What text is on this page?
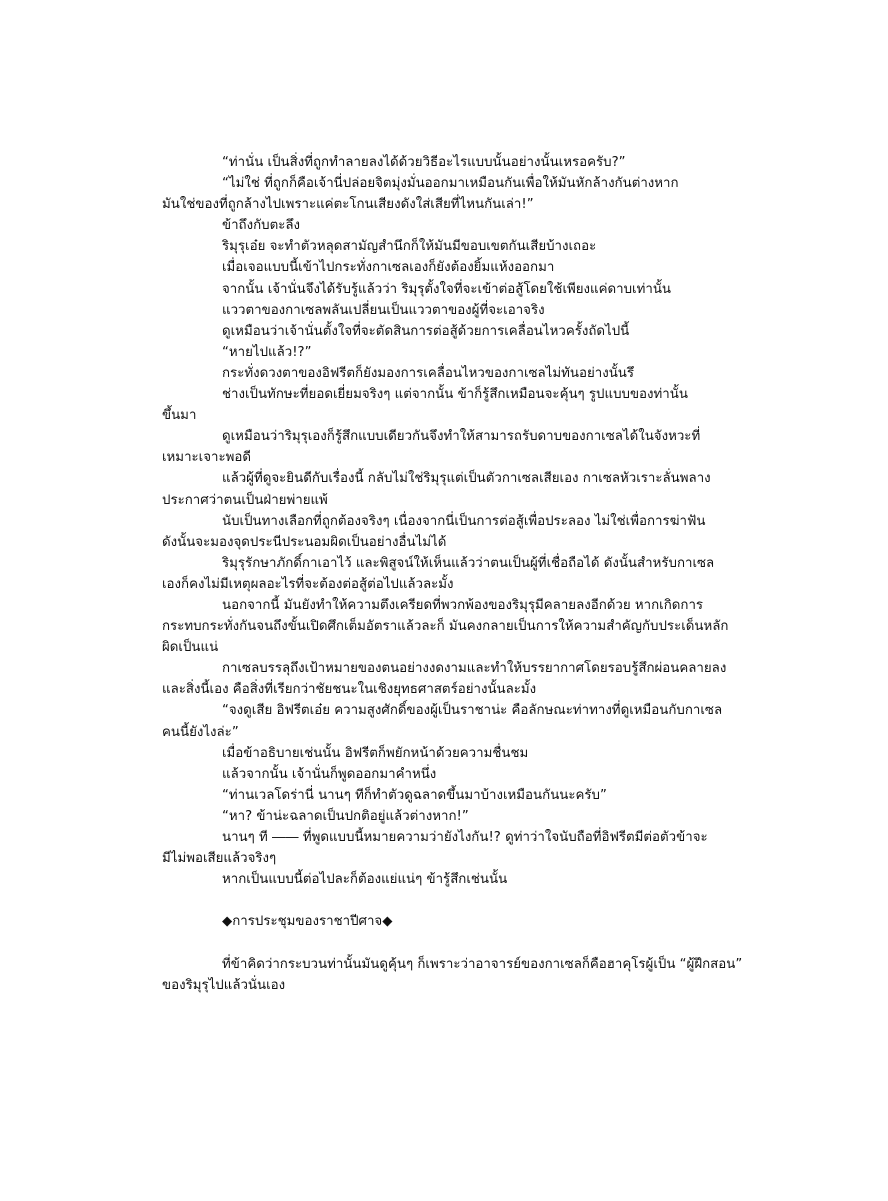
“ท่านั่น เป็นสิ่งที่ถูกทำลายลงได้ด้วยวิธีอะไรแบบนั้นอย่างนั้นเหรอครับ?”
“ไม่ใช่ ที่ถูกก็คือเจ้านี่ปล่อยจิตมุ่งมั่นออกมาเหมือนกันเพื่อให้มันหักล้างกันต่างหาก
มันใช่ของที่ถูกล้างไปเพราะแค่ตะโกนเสียงดังใส่เสียที่ไหนกันเล่า!”
ข้าถึงกับตะลึง
ริมุรุเอ๋ย จะทำตัวหลุดสามัญสำนึกก็ให้มันมีขอบเขตกันเสียบ้างเถอะ
เมื่อเจอแบบนี้เข้าไปกระทั่งกาเซลเองก็ยังต้องยิ้มแห้งออกมา
จากนั้น เจ้านั่นจึงได้รับรู้แล้วว่า ริมุรุตั้งใจที่จะเข้าต่อสู้โดยใช้เพียงแค่ดาบเท่านั้น
แววตาของกาเซลพลันเปลี่ยนเป็นแววตาของผู้ที่จะเอาจริง
ดูเหมือนว่าเจ้านั่นตั้งใจที่จะตัดสินการต่อสู้ด้วยการเคลื่อนไหวครั้งถัดไปนี้
“หายไปแล้ว!?”
กระทั่งดวงตาของอิฟรีตก็ยังมองการเคลื่อนไหวของกาเซลไม่ทันอย่างนั้นรึ
ช่างเป็นทักษะที่ยอดเยี่ยมจริงๆ แต่จากนั้น ข้าก็รู้สึกเหมือนจะคุ้นๆ รูปแบบของท่านั้น
ขึ้นมา
ดูเหมือนว่าริมุรุเองก็รู้สึกแบบเดียวกันจึงทำให้สามารถรับดาบของกาเซลได้ในจังหวะที่
เหมาะเจาะพอดี
แล้วผู้ที่ดูจะยินดีกับเรื่องนี้ กลับไม่ใช่ริมุรุแต่เป็นตัวกาเซลเสียเอง กาเซลหัวเราะลั่นพลาง
ประกาศว่าตนเป็นฝ่ายพ่ายแพ้
นับเป็นทางเลือกที่ถูกต้องจริงๆ เนื่องจากนี่เป็นการต่อสู้เพื่อประลอง ไม่ใช่เพื่อการฆ่าฟัน
ดังนั้นจะมองจุดประนีประนอมผิดเป็นอย่างอื่นไม่ได้
ริมุรุรักษาภักดิ์กาเอาไว้ และพิสูจน์ให้เห็นแล้วว่าตนเป็นผู้ที่เชื่อถือได้ ดังนั้นสำหรับกาเซล
เองก็คงไม่มีเหตุผลอะไรที่จะต้องต่อสู้ต่อไปแล้วละมั้ง
นอกจากนี้ มันยังทำให้ความตึงเครียดที่พวกพ้องของริมุรุมีคลายลงอีกด้วย หากเกิดการ
กระทบกระทั่งกันจนถึงขั้นเปิดศึกเต็มอัตราแล้วละก็ มันคงกลายเป็นการให้ความสำคัญกับประเด็นหลัก
ผิดเป็นแน่
กาเซลบรรลุถึงเป้าหมายของตนอย่างงดงามและทำให้บรรยากาศโดยรอบรู้สึกผ่อนคลายลง
และสิ่งนี้เอง คือสิ่งที่เรียกว่าชัยชนะในเชิงยุทธศาสตร์อย่างนั้นละมั้ง
“จงดูเสีย อิฟรีตเอ๋ย ความสูงศักดิ์ของผู้เป็นราชาน่ะ คือลักษณะท่าทางที่ดูเหมือนกับกาเซล
คนนี้ยังไงล่ะ”
เมื่อข้าอธิบายเช่นนั้น อิฟรีตก็พยักหน้าด้วยความชื่นชม
แล้วจากนั้น เจ้านั่นก็พูดออกมาคำหนึ่ง
“ท่านเวลโดร่านี่ นานๆ ทีก็ทำตัวดูฉลาดขึ้นมาบ้างเหมือนกันนะครับ”
“หา? ข้าน่ะฉลาดเป็นปกติอยู่แล้วต่างหาก!”
นานๆ ที ―― ที่พูดแบบนี้หมายความว่ายังไงกัน!? ดูท่าว่าใจนับถือที่อิฟรีตมีต่อตัวข้าจะ
มีไม่พอเสียแล้วจริงๆ
หากเป็นแบบนี้ต่อไปละก็ต้องแย่แน่ๆ ข้ารู้สึกเช่นนั้น
◆การประชุมของราชาปีศาจ◆
ที่ข้าคิดว่ากระบวนท่านั้นมันดูคุ้นๆ ก็เพราะว่าอาจารย์ของกาเซลก็คือฮาคุโรผู้เป็น “ผู้ฝึกสอน”
ของริมุรุไปแล้วนั่นเอง
